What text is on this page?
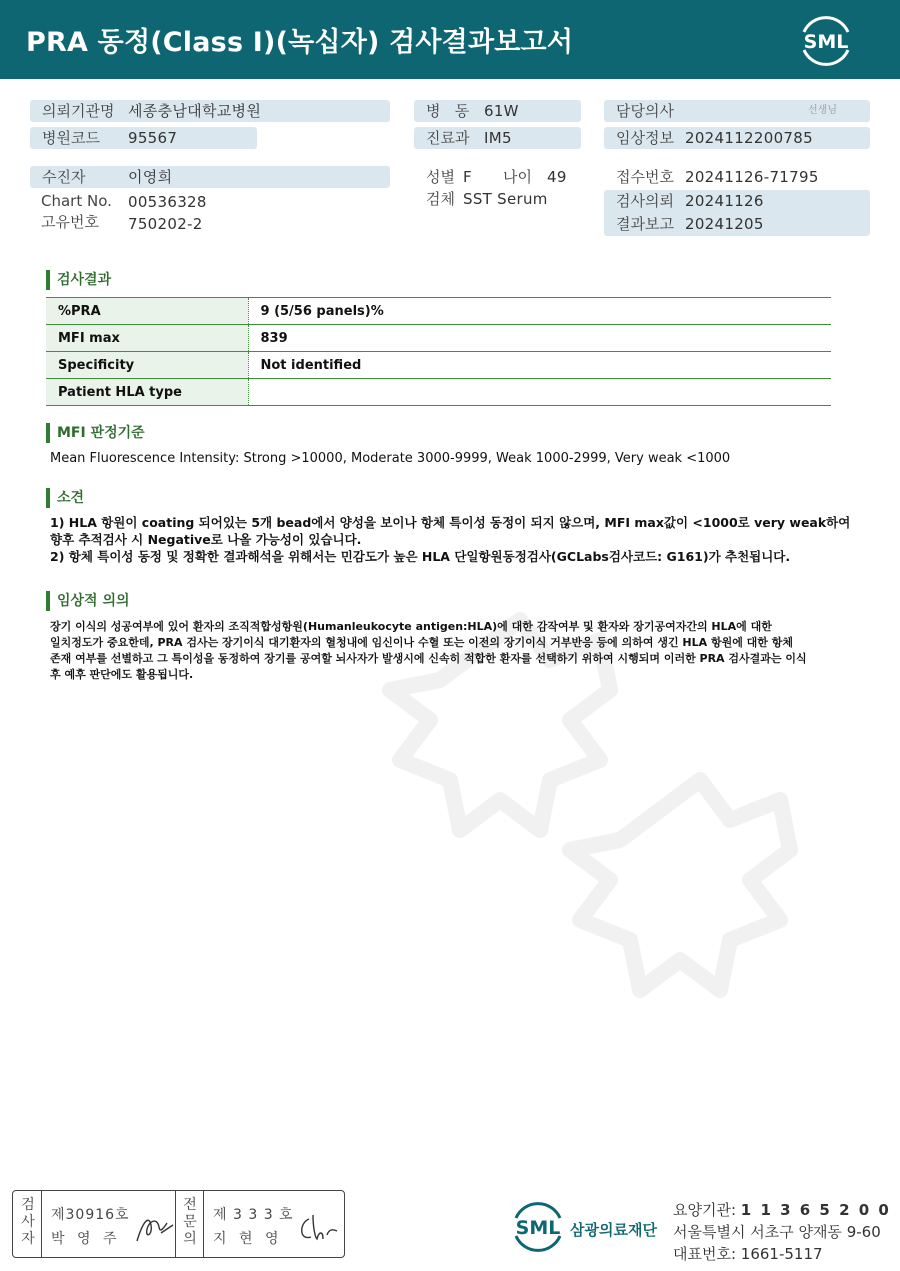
PRA 동정(Class I)(녹십자) 검사결과보고서	SML
의뢰기관명 세종충남대학교병원
병원코드	95567
수진자	이영희
Chart No. 00536328
고유번호 750202-2
병   동 61W
진료과 IM5
성별 F 나이 49
검체 SST Serum
담당의사	선생님
임상정보 2024112200785
접수번호 20241126-71795
검사의뢰 20241126
결과보고 20241205
검사결과
%PRA	9 (5/56 panels)%
MFI max	839
Specificity	Not identified
Patient HLA type	
MFI 판정기준
Mean Fluorescence Intensity: Strong >10000, Moderate 3000-9999, Weak 1000-2999, Very weak <1000
소견
1) HLA 항원이 coating 되어있는 5개 bead에서 양성을 보이나 항체 특이성 동정이 되지 않으며, MFI max값이 <1000로 very weak하여
향후 추적검사 시 Negative로 나올 가능성이 있습니다.
2) 항체 특이성 동정 및 정확한 결과해석을 위해서는 민감도가 높은 HLA 단일항원동정검사(GCLabs검사코드: G161)가 추천됩니다.
임상적 의의
장기 이식의 성공여부에 있어 환자의 조직적합성항원(Humanleukocyte antigen:HLA)에 대한 감작여부 및 환자와 장기공여자간의 HLA에 대한
일치정도가 중요한데, PRA 검사는 장기이식 대기환자의 혈청내에 임신이나 수혈 또는 이전의 장기이식 거부반응 등에 의하여 생긴 HLA 항원에 대한 항체
존재 여부를 선별하고 그 특이성을 동정하여 장기를 공여할 뇌사자가 발생시에 신속히 적합한 환자를 선택하기 위하여 시행되며 이러한 PRA 검사결과는 이식
후 예후 판단에도 활용됩니다.
검
사
자
제30916호
박 영 주
전
문
의
제 3 3 3 호
지 현 영	SML 삼광의료재단
요양기관: 1 1 3 6 5 2 0 0
서울특별시 서초구 양재동 9-60
대표번호: 1661-5117
